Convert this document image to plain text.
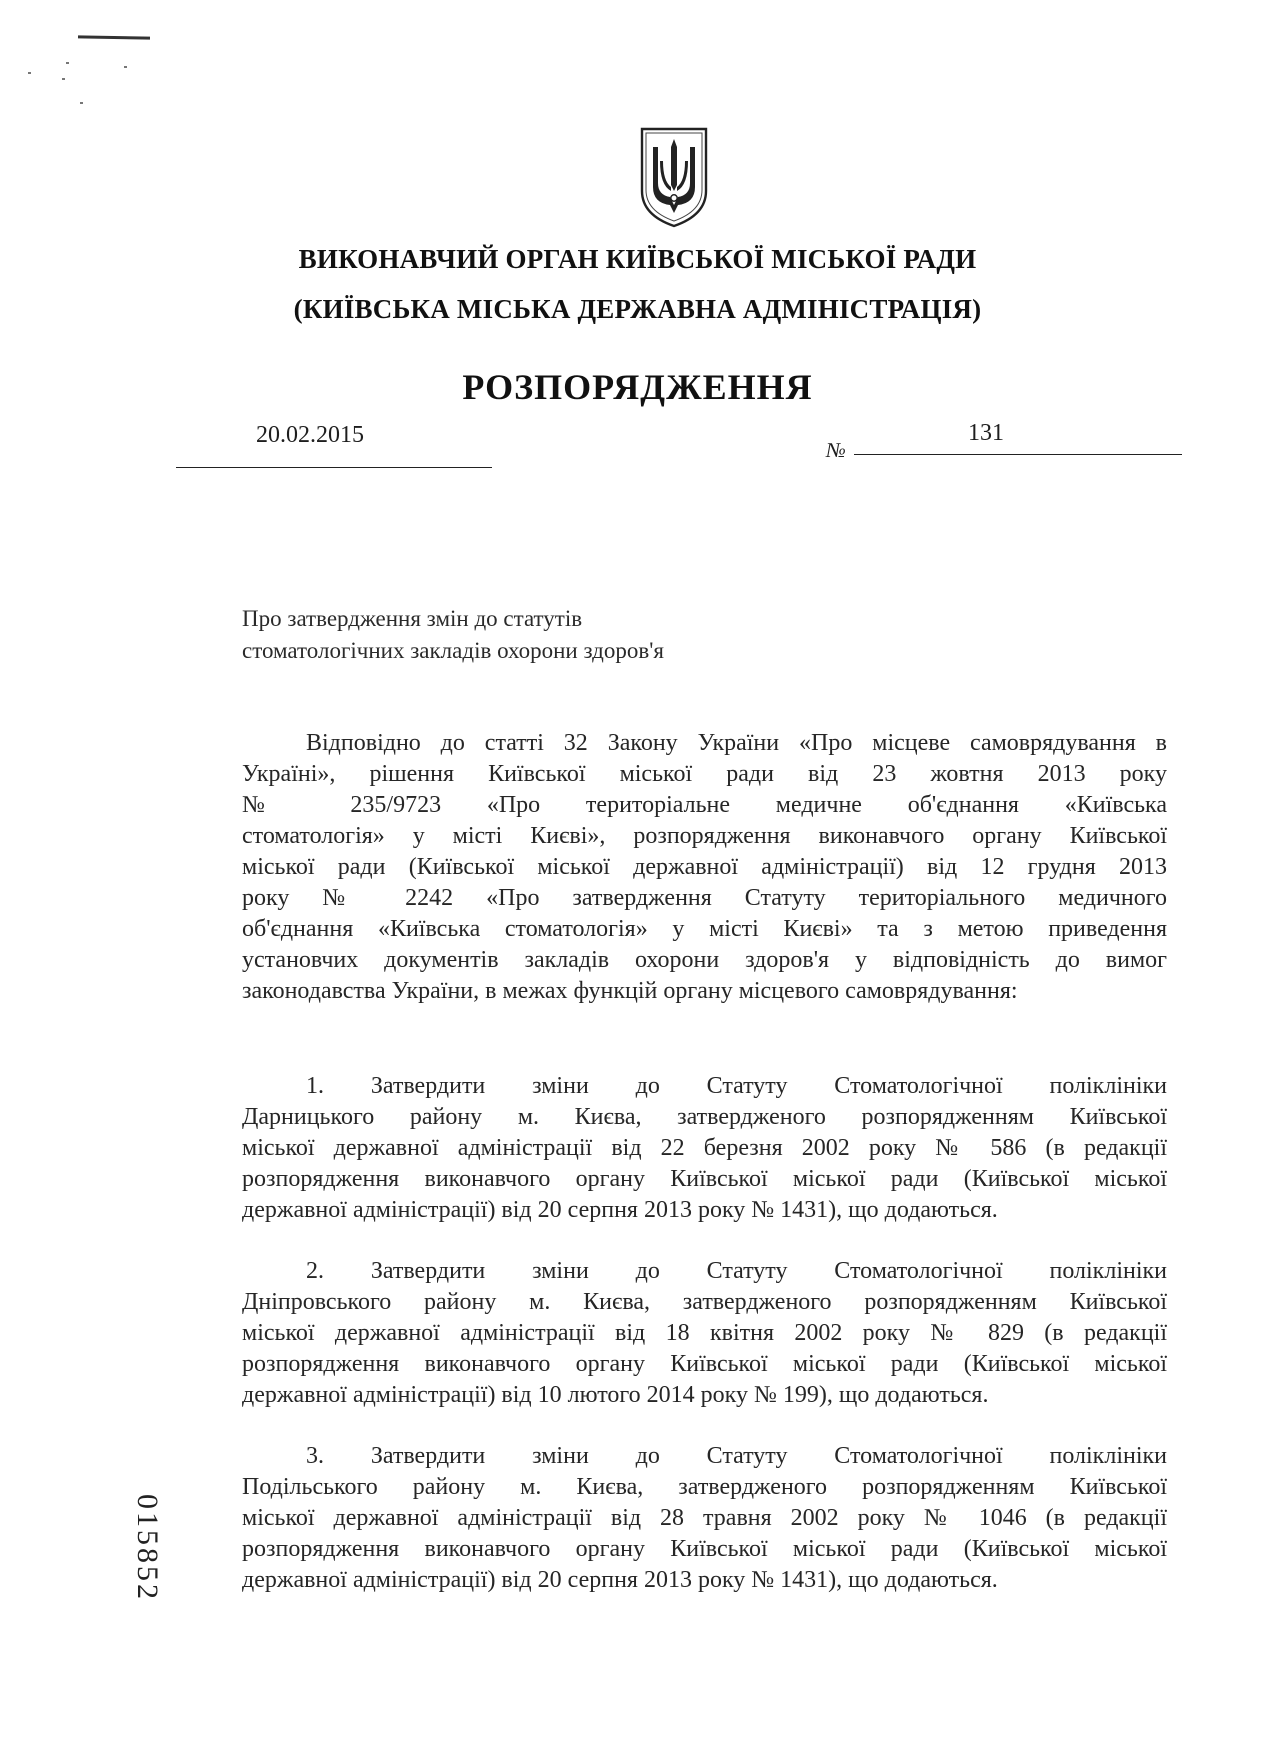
ВИКОНАВЧИЙ ОРГАН КИЇВСЬКОЇ МІСЬКОЇ РАДИ
(КИЇВСЬКА МІСЬКА ДЕРЖАВНА АДМІНІСТРАЦІЯ)
РОЗПОРЯДЖЕННЯ
20.02.2015
№
131
Про затвердження змін до статутів
стоматологічних закладів охорони здоров'я
Відповідно до статті 32 Закону України «Про місцеве самоврядування в
Україні», рішення Київської міської ради від 23 жовтня 2013 року
№ 235/9723 «Про територіальне медичне об'єднання «Київська
стоматологія» у місті Києві», розпорядження виконавчого органу Київської
міської ради (Київської міської державної адміністрації) від 12 грудня 2013
року № 2242 «Про затвердження Статуту територіального медичного
об'єднання «Київська стоматологія» у місті Києві» та з метою приведення
установчих документів закладів охорони здоров'я у відповідність до вимог
законодавства України, в межах функцій органу місцевого самоврядування:
1. Затвердити зміни до Статуту Стоматологічної поліклініки
Дарницького району м. Києва, затвердженого розпорядженням Київської
міської державної адміністрації від 22 березня 2002 року № 586 (в редакції
розпорядження виконавчого органу Київської міської ради (Київської міської
державної адміністрації) від 20 серпня 2013 року № 1431), що додаються.
2. Затвердити зміни до Статуту Стоматологічної поліклініки
Дніпровського району м. Києва, затвердженого розпорядженням Київської
міської державної адміністрації від 18 квітня 2002 року № 829 (в редакції
розпорядження виконавчого органу Київської міської ради (Київської міської
державної адміністрації) від 10 лютого 2014 року № 199), що додаються.
3. Затвердити зміни до Статуту Стоматологічної поліклініки
Подільського району м. Києва, затвердженого розпорядженням Київської
міської державної адміністрації від 28 травня 2002 року № 1046 (в редакції
розпорядження виконавчого органу Київської міської ради (Київської міської
державної адміністрації) від 20 серпня 2013 року № 1431), що додаються.
015852
